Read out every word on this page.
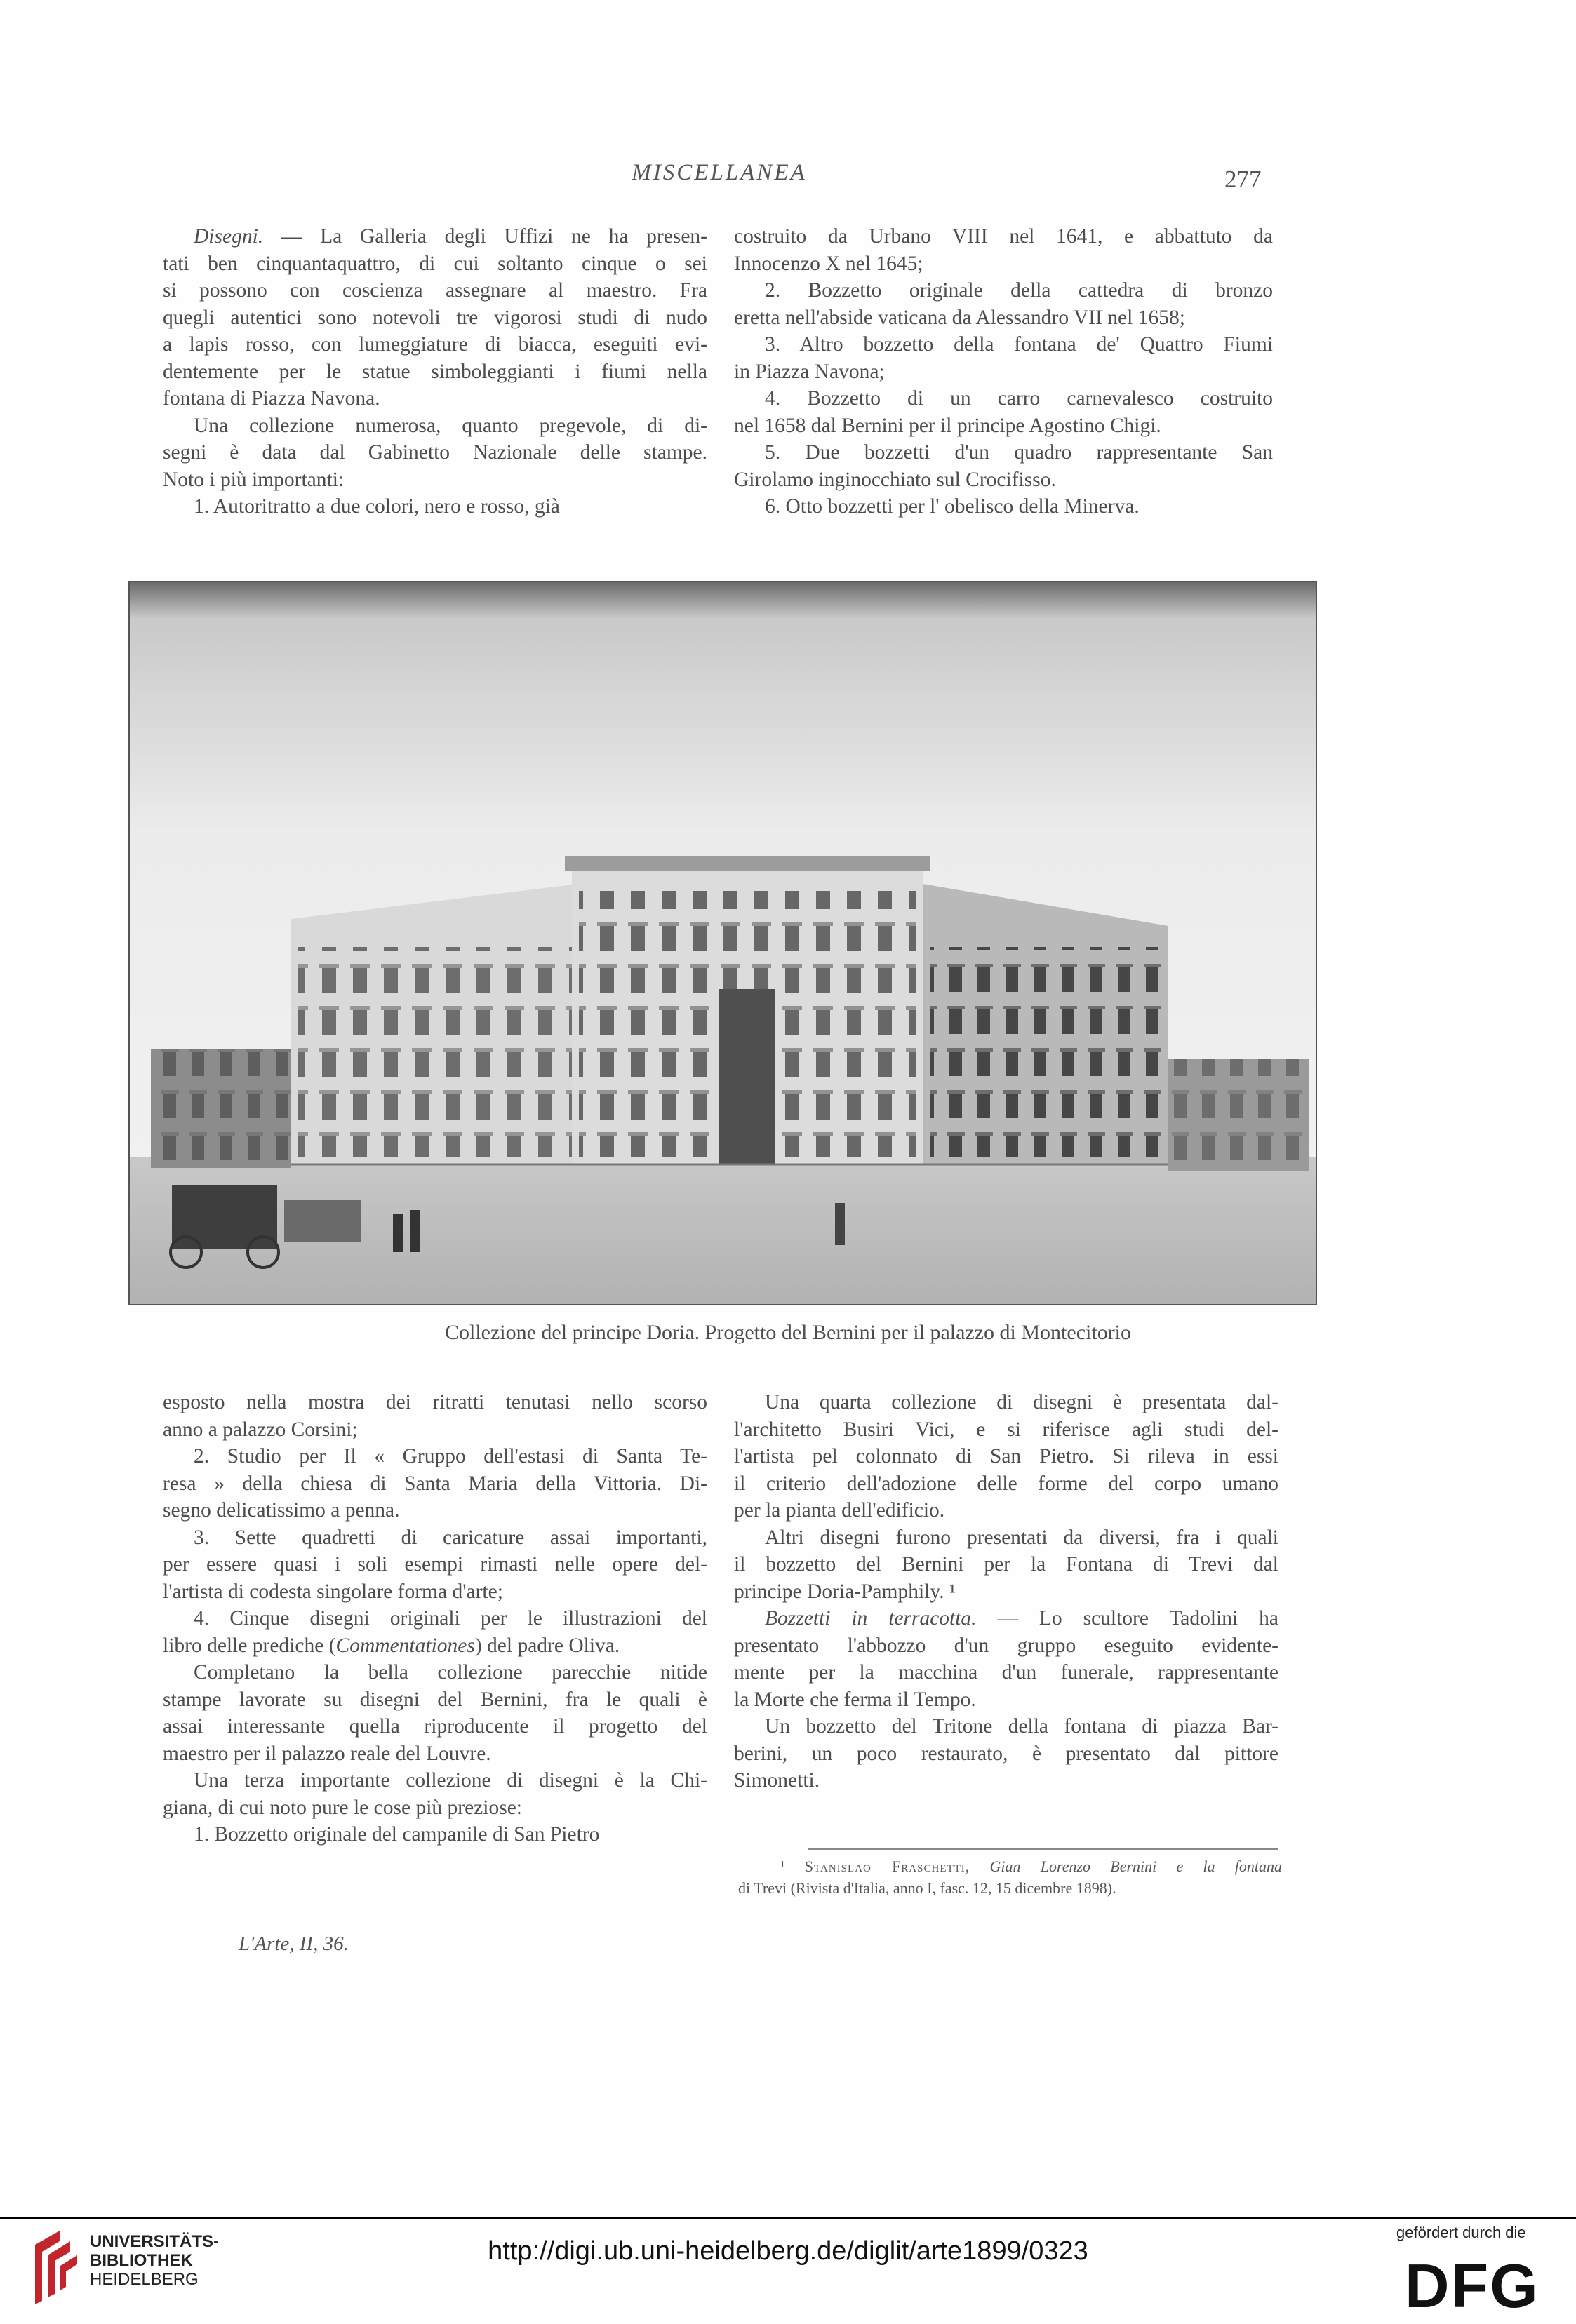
MISCELLANEA	277

Disegni. — La Galleria degli Uffizi ne ha presen-
tati ben cinquantaquattro, di cui soltanto cinque o sei
si possono con coscienza assegnare al maestro. Fra
quegli autentici sono notevoli tre vigorosi studi di nudo
a lapis rosso, con lumeggiature di biacca, eseguiti evi-
dentemente per le statue simboleggianti i fiumi nella
fontana di Piazza Navona.

Una collezione numerosa, quanto pregevole, di di-
segni è data dal Gabinetto Nazionale delle stampe.
Noto i più importanti:

1. Autoritratto a due colori, nero e rosso, già

costruito da Urbano VIII nel 1641, e abbattuto da
Innocenzo X nel 1645;

2. Bozzetto originale della cattedra di bronzo
eretta nell'abside vaticana da Alessandro VII nel 1658;

3. Altro bozzetto della fontana de' Quattro Fiumi
in Piazza Navona;

4. Bozzetto di un carro carnevalesco costruito
nel 1658 dal Bernini per il principe Agostino Chigi.

5. Due bozzetti d'un quadro rappresentante San
Girolamo inginocchiato sul Crocifisso.

6. Otto bozzetti per l' obelisco della Minerva.

Collezione del principe Doria. Progetto del Bernini per il palazzo di Montecitorio

esposto nella mostra dei ritratti tenutasi nello scorso
anno a palazzo Corsini;

2. Studio per Il « Gruppo dell'estasi di Santa Te-
resa » della chiesa di Santa Maria della Vittoria. Di-
segno delicatissimo a penna.

3. Sette quadretti di caricature assai importanti,
per essere quasi i soli esempi rimasti nelle opere del-
l'artista di codesta singolare forma d'arte;

4. Cinque disegni originali per le illustrazioni del
libro delle prediche (Commentationes) del padre Oliva.

Completano la bella collezione parecchie nitide
stampe lavorate su disegni del Bernini, fra le quali è
assai interessante quella riproducente il progetto del
maestro per il palazzo reale del Louvre.

Una terza importante collezione di disegni è la Chi-
giana, di cui noto pure le cose più preziose:

1. Bozzetto originale del campanile di San Pietro

Una quarta collezione di disegni è presentata dal-
l'architetto Busiri Vici, e si riferisce agli studi del-
l'artista pel colonnato di San Pietro. Si rileva in essi
il criterio dell'adozione delle forme del corpo umano
per la pianta dell'edificio.

Altri disegni furono presentati da diversi, fra i quali
il bozzetto del Bernini per la Fontana di Trevi dal
principe Doria-Pamphily. ¹

Bozzetti in terracotta. — Lo scultore Tadolini ha
presentato l'abbozzo d'un gruppo eseguito evidente-
mente per la macchina d'un funerale, rappresentante
la Morte che ferma il Tempo.

Un bozzetto del Tritone della fontana di piazza Bar-
berini, un poco restaurato, è presentato dal pittore
Simonetti.

¹ Stanislao Fraschetti, Gian Lorenzo Bernini e la fontana
di Trevi (Rivista d'Italia, anno I, fasc. 12, 15 dicembre 1898).
L'Arte, II, 36.
UNIVERSITÄTS-
BIBLIOTHEK
HEIDELBERG
http://digi.ub.uni-heidelberg.de/diglit/arte1899/0323
gefördert durch die
DFG
